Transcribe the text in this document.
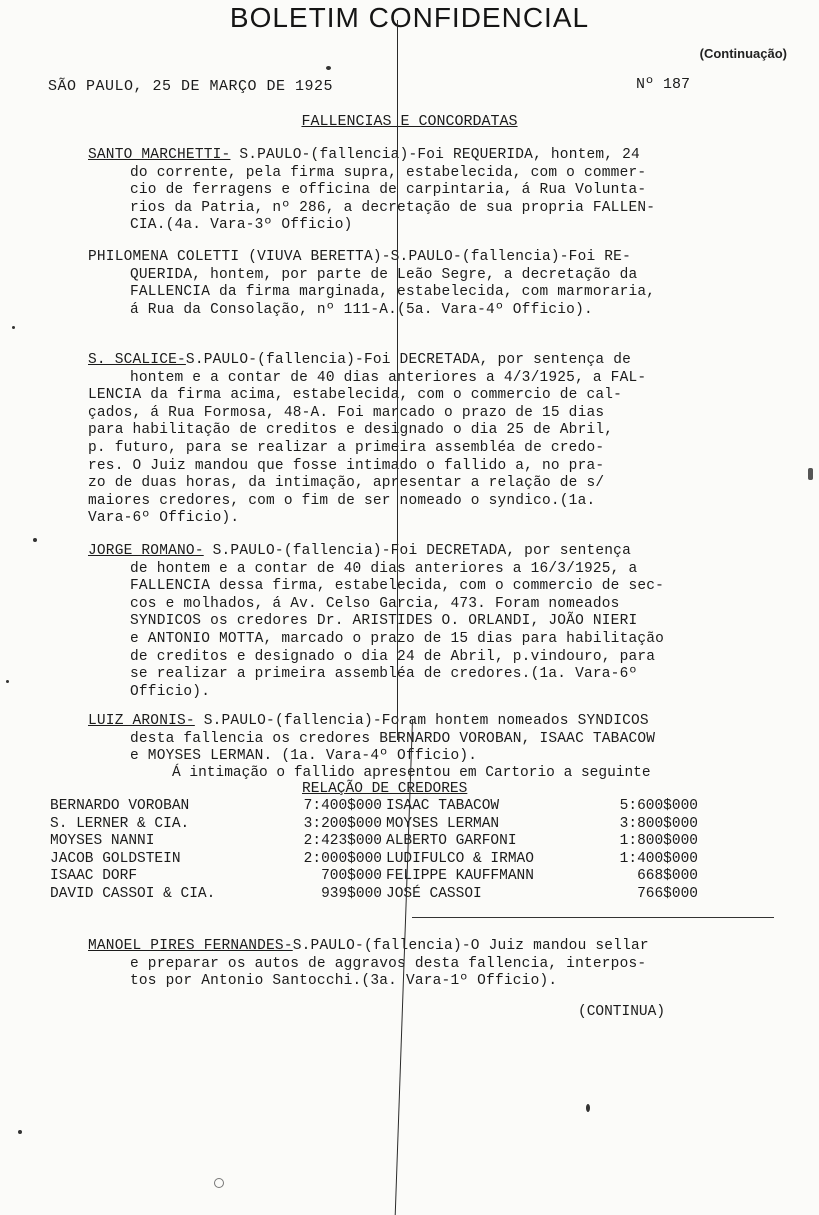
BOLETIM CONFIDENCIAL
(Continuação)
SÃO PAULO, 25 DE MARÇO DE 1925	Nº 187
FALLENCIAS E CONCORDATAS
SANTO MARCHETTI- S.PAULO-(fallencia)-Foi REQUERIDA, hontem, 24
do corrente, pela firma supra, estabelecida, com o commer-
cio de ferragens e officina de carpintaria, á Rua Volunta-
rios da Patria, nº 286, a decretação de sua propria FALLEN-
CIA.(4a. Vara-3º Officio)
PHILOMENA COLETTI (VIUVA BERETTA)-S.PAULO-(fallencia)-Foi RE-
QUERIDA, hontem, por parte de Leão Segre, a decretação da
FALLENCIA da firma marginada, estabelecida, com marmoraria,
á Rua da Consolação, nº 111-A.(5a. Vara-4º Officio).
S. SCALICE-S.PAULO-(fallencia)-Foi DECRETADA, por sentença de
hontem e a contar de 40 dias anteriores a 4/3/1925, a FAL-
LENCIA da firma acima, estabelecida, com o commercio de cal-
çados, á Rua Formosa, 48-A. Foi marcado o prazo de 15 dias
para habilitação de creditos e designado o dia 25 de Abril,
p. futuro, para se realizar a primeira assembléa de credo-
res. O Juiz mandou que fosse intimado o fallido a, no pra-
zo de duas horas, da intimação, apresentar a relação de s/
maiores credores, com o fim de ser nomeado o syndico.(1a.
Vara-6º Officio).
JORGE ROMANO- S.PAULO-(fallencia)-Foi DECRETADA, por sentença
de hontem e a contar de 40 dias anteriores a 16/3/1925, a
FALLENCIA dessa firma, estabelecida, com o commercio de sec-
cos e molhados, á Av. Celso Garcia, 473. Foram nomeados
SYNDICOS os credores Dr. ARISTIDES O. ORLANDI, JOÃO NIERI
e ANTONIO MOTTA, marcado o prazo de 15 dias para habilitação
de creditos e designado o dia 24 de Abril, p.vindouro, para
se realizar a primeira assembléa de credores.(1a. Vara-6º
Officio).
LUIZ ARONIS- S.PAULO-(fallencia)-Foram hontem nomeados SYNDICOS
desta fallencia os credores BERNARDO VOROBAN, ISAAC TABACOW
e MOYSES LERMAN. (1a. Vara-4º Officio).
Á intimação o fallido apresentou em Cartorio a seguinte
RELAÇÃO DE CREDORES
BERNARDO VOROBAN	7:400$000	ISAAC TABACOW	5:600$000
S. LERNER & CIA.	3:200$000	MOYSES LERMAN	3:800$000
MOYSES NANNI	2:423$000	ALBERTO GARFONI	1:800$000
JACOB GOLDSTEIN	2:000$000	LUDIFULCO & IRMAO	1:400$000
ISAAC DORF	700$000	FELIPPE KAUFFMANN	668$000
DAVID CASSOI & CIA.	939$000	JOSÉ CASSOI	766$000
MANOEL PIRES FERNANDES-S.PAULO-(fallencia)-O Juiz mandou sellar
e preparar os autos de aggravos desta fallencia, interpos-
tos por Antonio Santocchi.(3a. Vara-1º Officio).
(CONTINUA)
